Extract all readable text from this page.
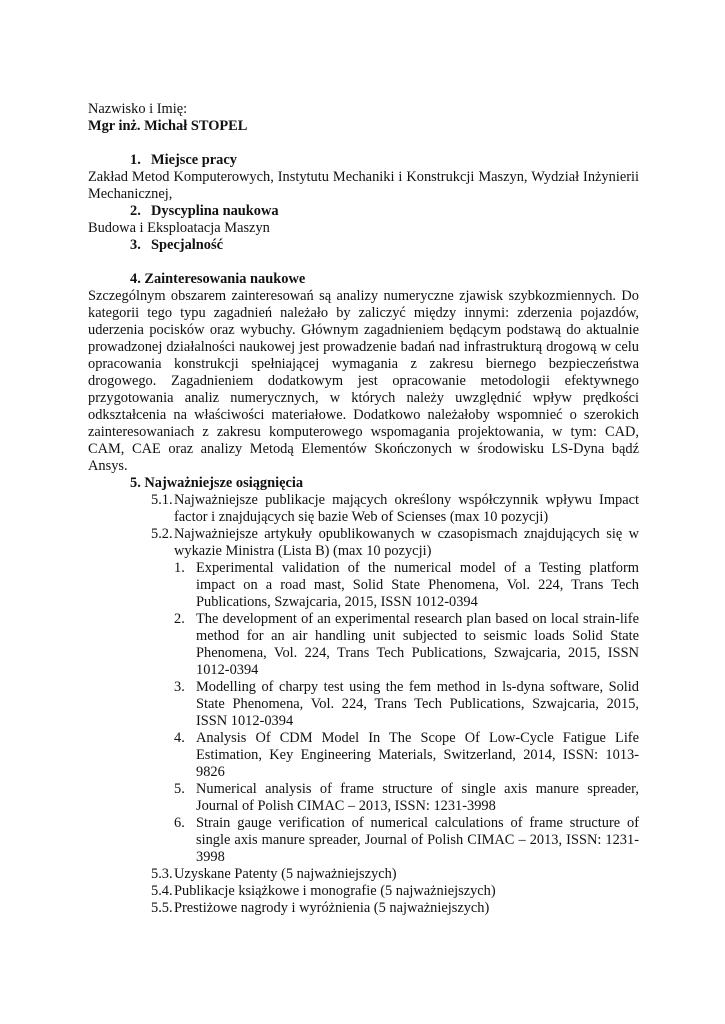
Nazwisko i Imię:
Mgr inż. Michał STOPEL
1. Miejsce pracy
Zakład Metod Komputerowych, Instytutu Mechaniki i Konstrukcji Maszyn, Wydział Inżynierii Mechanicznej,
2. Dyscyplina naukowa
Budowa i Eksploatacja Maszyn
3. Specjalność
4. Zainteresowania naukowe
Szczególnym obszarem zainteresowań są analizy numeryczne zjawisk szybkozmiennych. Do kategorii tego typu zagadnień należało by zaliczyć między innymi: zderzenia pojazdów, uderzenia pocisków oraz wybuchy. Głównym zagadnieniem będącym podstawą do aktualnie prowadzonej działalności naukowej jest prowadzenie badań nad infrastrukturą drogową w celu opracowania konstrukcji spełniającej wymagania z zakresu biernego bezpieczeństwa drogowego. Zagadnieniem dodatkowym jest opracowanie metodologii efektywnego przygotowania analiz numerycznych, w których należy uwzględnić wpływ prędkości odkształcenia na właściwości materiałowe. Dodatkowo należałoby wspomnieć o szerokich zainteresowaniach z zakresu komputerowego wspomagania projektowania, w tym: CAD, CAM, CAE oraz analizy Metodą Elementów Skończonych w środowisku LS-Dyna bądź Ansys.
5. Najważniejsze osiągnięcia
5.1. Najważniejsze publikacje mających określony współczynnik wpływu Impact factor i znajdujących się bazie Web of Scienses (max 10 pozycji)
5.2. Najważniejsze artykuły opublikowanych w czasopismach znajdujących się w wykazie Ministra (Lista B) (max 10 pozycji)
1. Experimental validation of the numerical model of a Testing platform impact on a road mast, Solid State Phenomena, Vol. 224, Trans Tech Publications, Szwajcaria, 2015, ISSN 1012-0394
2. The development of an experimental research plan based on local strain-life method for an air handling unit subjected to seismic loads Solid State Phenomena, Vol. 224, Trans Tech Publications, Szwajcaria, 2015, ISSN 1012-0394
3. Modelling of charpy test using the fem method in ls-dyna software, Solid State Phenomena, Vol. 224, Trans Tech Publications, Szwajcaria, 2015, ISSN 1012-0394
4. Analysis Of CDM Model In The Scope Of Low-Cycle Fatigue Life Estimation, Key Engineering Materials, Switzerland, 2014, ISSN: 1013-9826
5. Numerical analysis of frame structure of single axis manure spreader, Journal of Polish CIMAC – 2013, ISSN: 1231-3998
6. Strain gauge verification of numerical calculations of frame structure of single axis manure spreader, Journal of Polish CIMAC – 2013, ISSN: 1231-3998
5.3. Uzyskane Patenty (5 najważniejszych)
5.4. Publikacje książkowe i monografie (5 najważniejszych)
5.5. Prestiżowe nagrody i wyróżnienia (5 najważniejszych)
